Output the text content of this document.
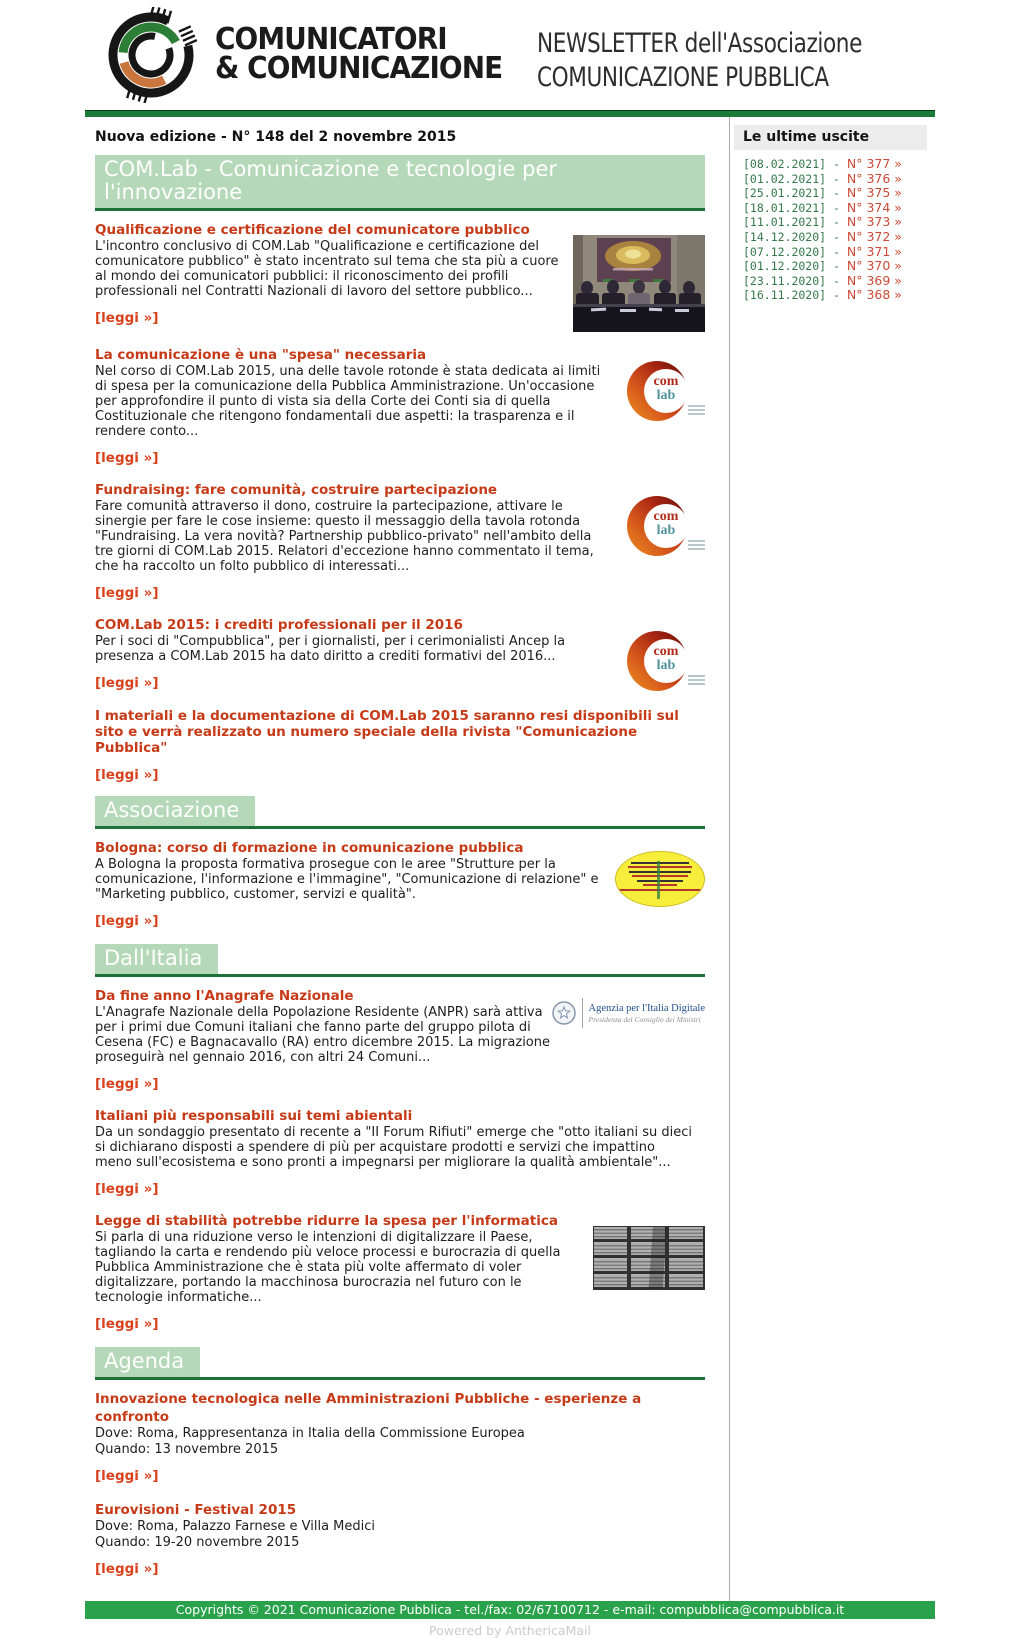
COMUNICATORI
& COMUNICAZIONE
NEWSLETTER dell'Associazione
COMUNICAZIONE PUBBLICA
Nuova edizione - N° 148 del 2 novembre 2015
COM.Lab - Comunicazione e tecnologie per l'innovazione
Qualificazione e certificazione del comunicatore pubblico
L'incontro conclusivo di COM.Lab "Qualificazione e certificazione del comunicatore pubblico" è stato incentrato sul tema che sta più a cuore al mondo dei comunicatori pubblici: il riconoscimento dei profili professionali nel Contratti Nazionali di lavoro del settore pubblico...
[leggi »]
La comunicazione è una "spesa" necessaria
Nel corso di COM.Lab 2015, una delle tavole rotonde è stata dedicata ai limiti di spesa per la comunicazione della Pubblica Amministrazione. Un'occasione per approfondire il punto di vista sia della Corte dei Conti sia di quella Costituzionale che ritengono fondamentali due aspetti: la trasparenza e il rendere conto...
[leggi »]
com
lab
Fundraising: fare comunità, costruire partecipazione
Fare comunità attraverso il dono, costruire la partecipazione, attivare le sinergie per fare le cose insieme: questo il messaggio della tavola rotonda "Fundraising. La vera novità? Partnership pubblico-privato" nell'ambito della tre giorni di COM.Lab 2015. Relatori d'eccezione hanno commentato il tema, che ha raccolto un folto pubblico di interessati...
[leggi »]
com
lab
COM.Lab 2015: i crediti professionali per il 2016
Per i soci di "Compubblica", per i giornalisti, per i cerimonialisti Ancep la presenza a COM.Lab 2015 ha dato diritto a crediti formativi del 2016...
[leggi »]
com
lab
I materiali e la documentazione di COM.Lab 2015 saranno resi disponibili sul sito e verrà realizzato un numero speciale della rivista "Comunicazione Pubblica"
[leggi »]
Associazione
Bologna: corso di formazione in comunicazione pubblica
A Bologna la proposta formativa prosegue con le aree "Strutture per la comunicazione, l'informazione e l'immagine", "Comunicazione di relazione" e "Marketing pubblico, customer, servizi e qualità".
[leggi »]
Dall'Italia
Da fine anno l'Anagrafe Nazionale
L'Anagrafe Nazionale della Popolazione Residente (ANPR) sarà attiva per i primi due Comuni italiani che fanno parte del gruppo pilota di Cesena (FC) e Bagnacavallo (RA) entro dicembre 2015. La migrazione proseguirà nel gennaio 2016, con altri 24 Comuni...
[leggi »]
Agenzia per l'Italia Digitale
Presidenza del Consiglio dei Ministri
Italiani più responsabili sui temi abientali
Da un sondaggio presentato di recente a "II Forum Rifiuti" emerge che "otto italiani su dieci si dichiarano disposti a spendere di più per acquistare prodotti e servizi che impattino meno sull'ecosistema e sono pronti a impegnarsi per migliorare la qualità ambientale"...
[leggi »]
Legge di stabilità potrebbe ridurre la spesa per l'informatica
Si parla di una riduzione verso le intenzioni di digitalizzare il Paese, tagliando la carta e rendendo più veloce processi e burocrazia di quella Pubblica Amministrazione che è stata più volte affermato di voler digitalizzare, portando la macchinosa burocrazia nel futuro con le tecnologie informatiche...
[leggi »]
Agenda
Innovazione tecnologica nelle Amministrazioni Pubbliche - esperienze a confronto
Dove: Roma, Rappresentanza in Italia della Commissione Europea
Quando: 13 novembre 2015
[leggi »]
Eurovisioni - Festival 2015
Dove: Roma, Palazzo Farnese e Villa Medici
Quando: 19-20 novembre 2015
[leggi »]
Le ultime uscite
[08.02.2021] - N° 377 »
[01.02.2021] - N° 376 »
[25.01.2021] - N° 375 »
[18.01.2021] - N° 374 »
[11.01.2021] - N° 373 »
[14.12.2020] - N° 372 »
[07.12.2020] - N° 371 »
[01.12.2020] - N° 370 »
[23.11.2020] - N° 369 »
[16.11.2020] - N° 368 »
Copyrights © 2021 Comunicazione Pubblica - tel./fax: 02/67100712 - e-mail: compubblica@compubblica.it
Powered by AnthericaMail
